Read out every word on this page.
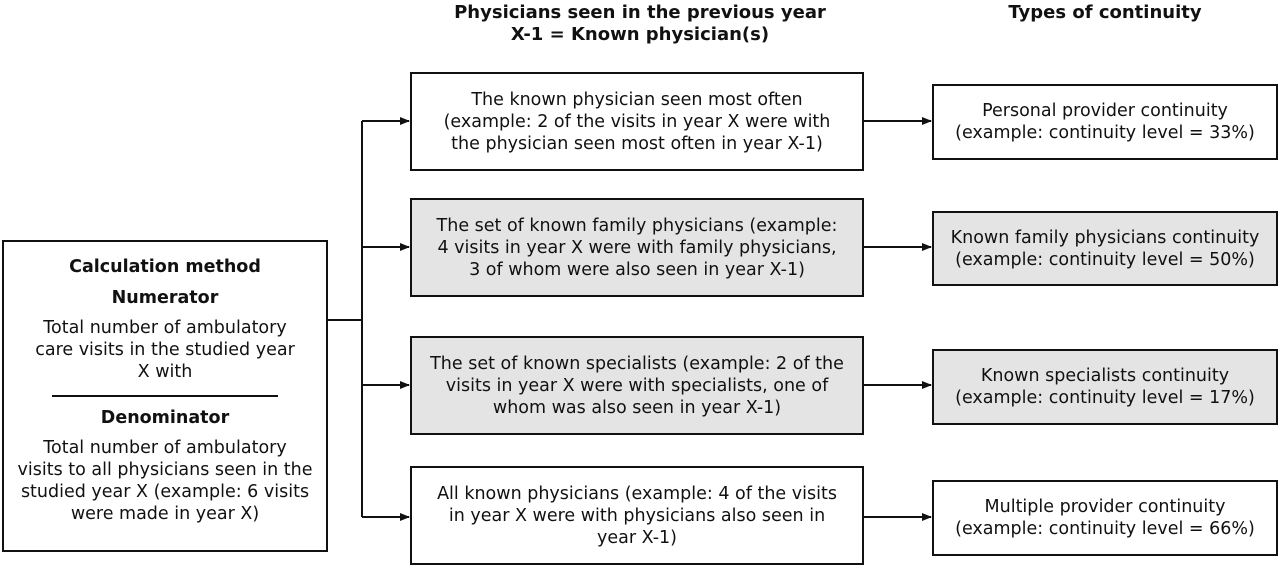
Physicians seen in the previous year
X-1 = Known physician(s)
Types of continuity
Calculation method
Numerator
Total number of ambulatory
care visits in the studied year
X with
Denominator
Total number of ambulatory
visits to all physicians seen in the
studied year X (example: 6 visits
were made in year X)
The known physician seen most often
(example: 2 of the visits in year X were with
the physician seen most often in year X-1)
The set of known family physicians (example:
4 visits in year X were with family physicians,
3 of whom were also seen in year X-1)
The set of known specialists (example: 2 of the
visits in year X were with specialists, one of
whom was also seen in year X-1)
All known physicians (example: 4 of the visits
in year X were with physicians also seen in
year X-1)
Personal provider continuity
(example: continuity level = 33%)
Known family physicians continuity
(example: continuity level = 50%)
Known specialists continuity
(example: continuity level = 17%)
Multiple provider continuity
(example: continuity level = 66%)
